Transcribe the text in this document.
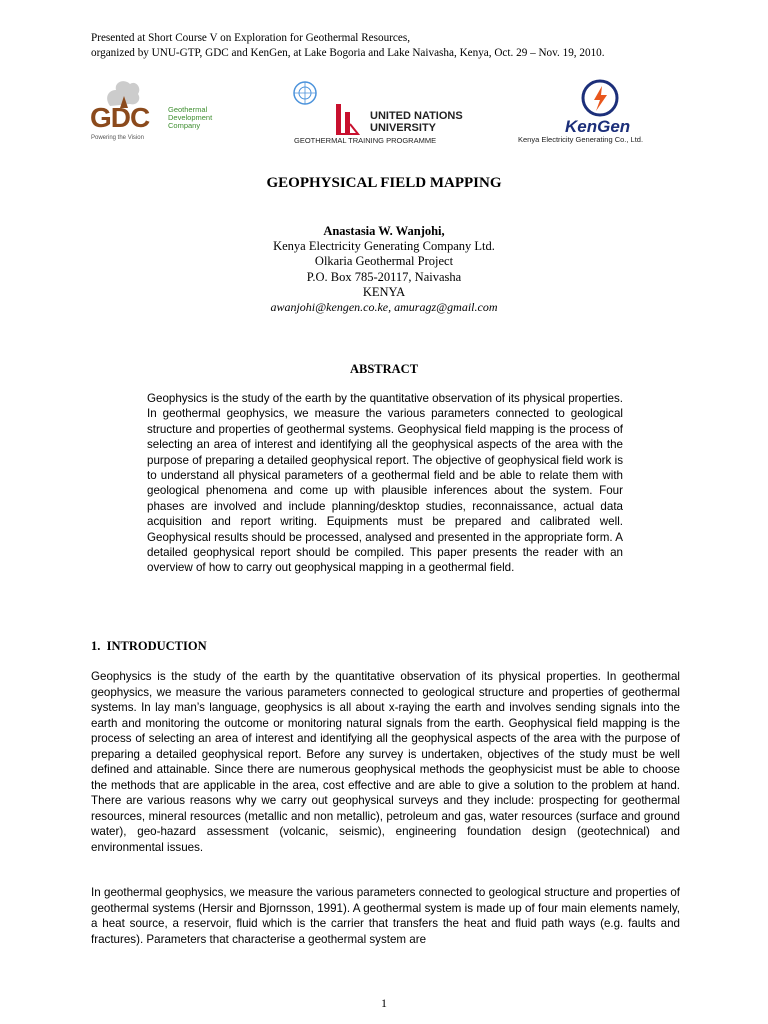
Presented at Short Course V on Exploration for Geothermal Resources,
organized by UNU-GTP, GDC and KenGen, at Lake Bogoria and Lake Naivasha, Kenya, Oct. 29 – Nov. 19, 2010.
GDC	Geothermal
Development
Company
Powering the Vision
UNITED NATIONS
UNIVERSITY
GEOTHERMAL TRAINING PROGRAMME
KenGen
Kenya Electricity Generating Co., Ltd.
GEOPHYSICAL FIELD MAPPING
Anastasia W. Wanjohi,
Kenya Electricity Generating Company Ltd.
Olkaria Geothermal Project
P.O. Box 785-20117, Naivasha
KENYA
awanjohi@kengen.co.ke, amuragz@gmail.com
ABSTRACT
Geophysics is the study of the earth by the quantitative observation of its physical properties. In geothermal geophysics, we measure the various parameters connected to geological structure and properties of geothermal systems. Geophysical field mapping is the process of selecting an area of interest and identifying all the geophysical aspects of the area with the purpose of preparing a detailed geophysical report. The objective of geophysical field work is to understand all physical parameters of a geothermal field and be able to relate them with geological phenomena and come up with plausible inferences about the system. Four phases are involved and include planning/desktop studies, reconnaissance, actual data acquisition and report writing. Equipments must be prepared and calibrated well. Geophysical results should be processed, analysed and presented in the appropriate form. A detailed geophysical report should be compiled. This paper presents the reader with an overview of how to carry out geophysical mapping in a geothermal field.
1.  INTRODUCTION
Geophysics is the study of the earth by the quantitative observation of its physical properties. In geothermal geophysics, we measure the various parameters connected to geological structure and properties of geothermal systems. In lay man’s language, geophysics is all about x-raying the earth and involves sending signals into the earth and monitoring the outcome or monitoring natural signals from the earth. Geophysical field mapping is the process of selecting an area of interest and identifying all the geophysical aspects of the area with the purpose of preparing a detailed geophysical report. Before any survey is undertaken, objectives of the study must be well defined and attainable. Since there are numerous geophysical methods the geophysicist must be able to choose the methods that are applicable in the area, cost effective and are able to give a solution to the problem at hand. There are various reasons why we carry out geophysical surveys and they include: prospecting for geothermal resources, mineral resources (metallic and non metallic), petroleum and gas, water resources (surface and ground water), geo-hazard assessment (volcanic, seismic), engineering foundation design (geotechnical) and environmental issues.
In geothermal geophysics, we measure the various parameters connected to geological structure and properties of geothermal systems (Hersir and Bjornsson, 1991). A geothermal system is made up of four main elements namely, a heat source, a reservoir, fluid which is the carrier that transfers the heat and fluid path ways (e.g. faults and fractures). Parameters that characterise a geothermal system are
1
